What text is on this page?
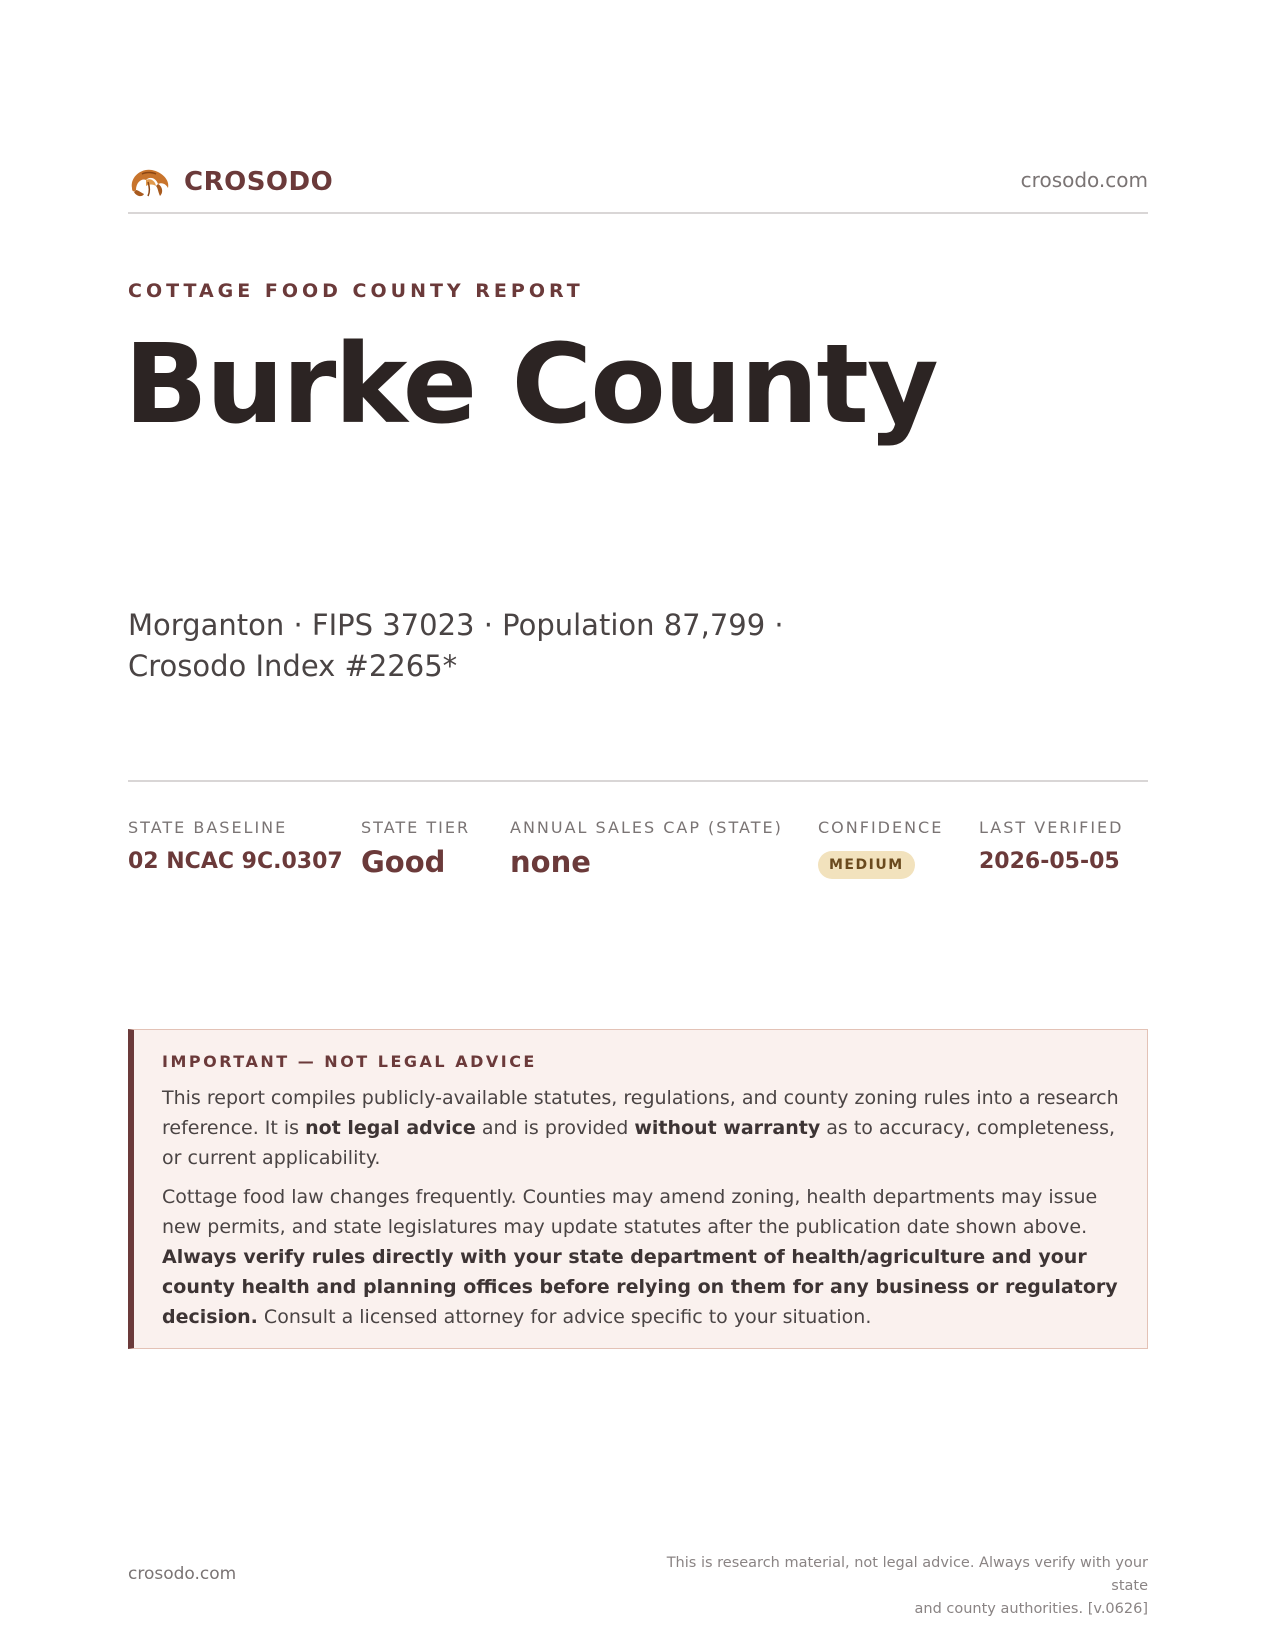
CROSODO	crosodo.com
COTTAGE FOOD COUNTY REPORT
Burke County
Morganton · FIPS 37023 · Population 87,799 · Crosodo Index #2265*
STATE BASELINE
02 NCAC 9C.0307
STATE TIER
Good
ANNUAL SALES CAP (STATE)
none
CONFIDENCE
MEDIUM
LAST VERIFIED
2026-05-05
IMPORTANT — NOT LEGAL ADVICE

This report compiles publicly-available statutes, regulations, and county zoning rules into a research reference. It is not legal advice and is provided without warranty as to accuracy, completeness, or current applicability.

Cottage food law changes frequently. Counties may amend zoning, health departments may issue new permits, and state legislatures may update statutes after the publication date shown above. Always verify rules directly with your state department of health/agriculture and your county health and planning offices before relying on them for any business or regulatory decision. Consult a licensed attorney for advice specific to your situation.

crosodo.com
This is research material, not legal advice. Always verify with your state
and county authorities. [v.0626]
